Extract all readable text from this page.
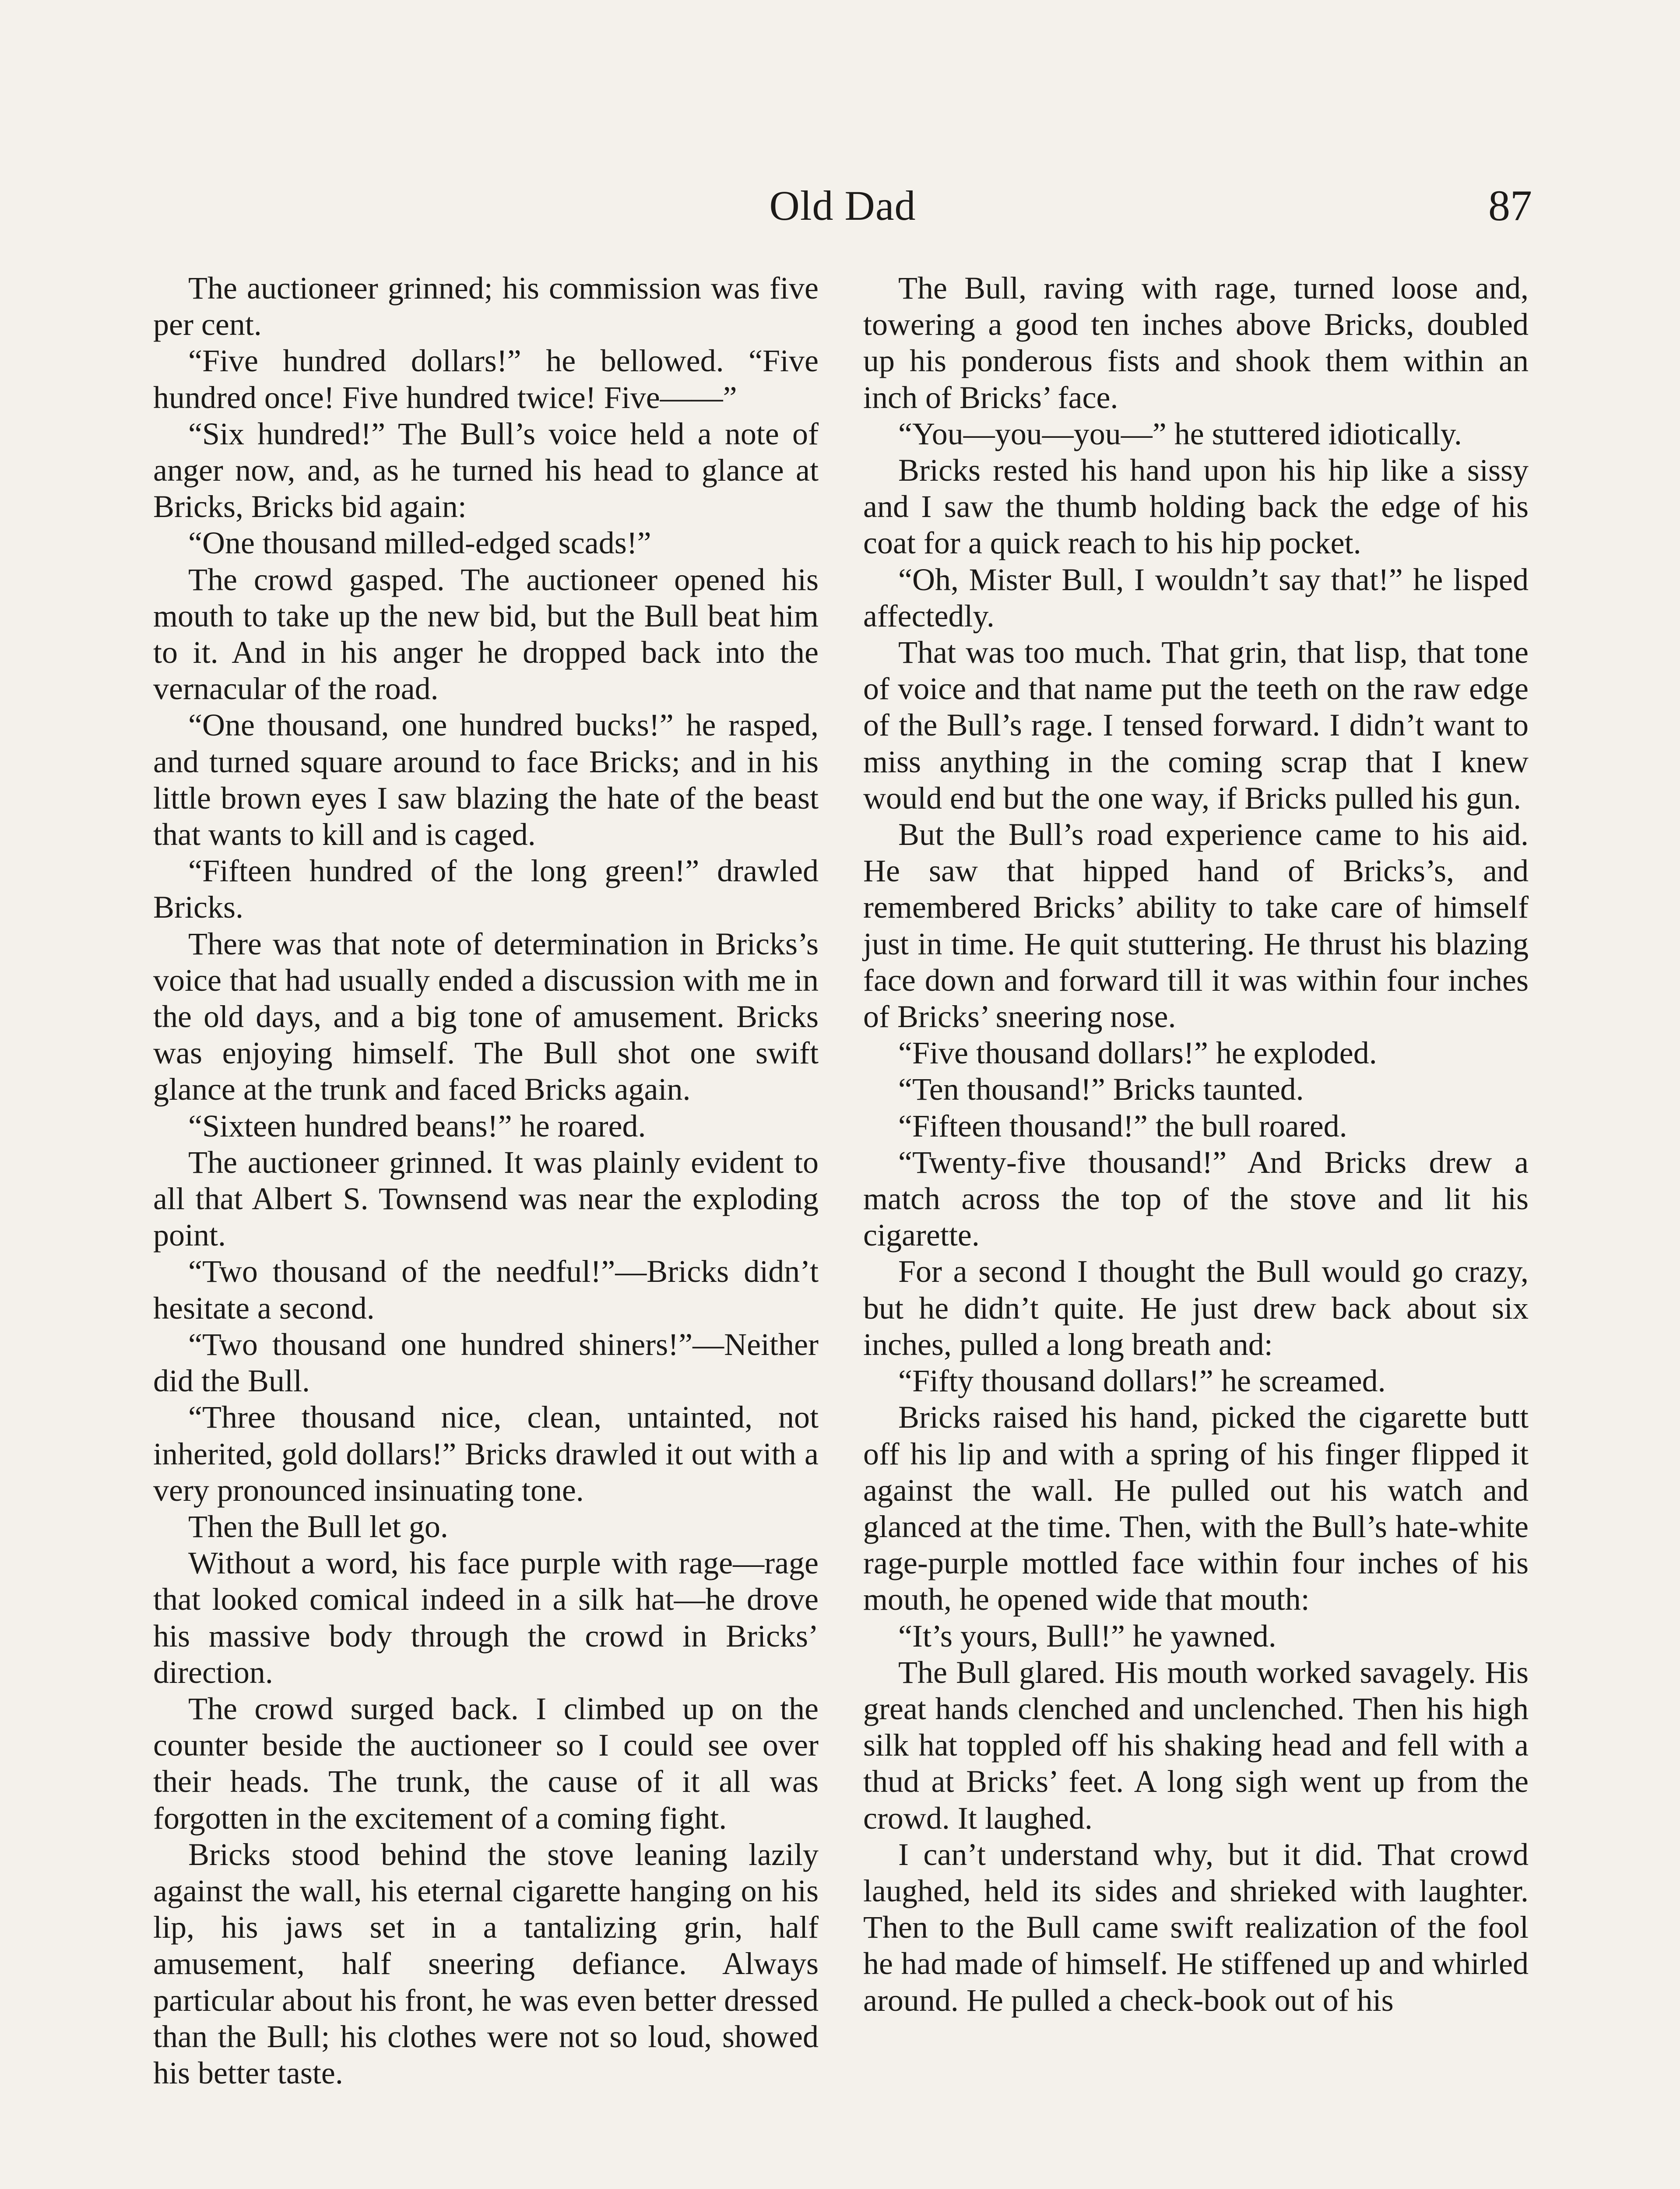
Old Dad	87

The auctioneer grinned; his commission was five per cent.

“Five hundred dollars!” he bellowed. “Five hundred once! Five hundred twice! Five——”

“Six hundred!” The Bull’s voice held a note of anger now, and, as he turned his head to glance at Bricks, Bricks bid again:

“One thousand milled-edged scads!”

The crowd gasped. The auctioneer opened his mouth to take up the new bid, but the Bull beat him to it. And in his anger he dropped back into the vernacular of the road.

“One thousand, one hundred bucks!” he rasped, and turned square around to face Bricks; and in his little brown eyes I saw blazing the hate of the beast that wants to kill and is caged.

“Fifteen hundred of the long green!” drawled Bricks.

There was that note of determination in Bricks’s voice that had usually ended a discussion with me in the old days, and a big tone of amusement. Bricks was enjoying himself. The Bull shot one swift glance at the trunk and faced Bricks again.

“Sixteen hundred beans!” he roared.

The auctioneer grinned. It was plainly evident to all that Albert S. Townsend was near the exploding point.

“Two thousand of the needful!”—Bricks didn’t hesitate a second.

“Two thousand one hundred shiners!”—Neither did the Bull.

“Three thousand nice, clean, untainted, not inherited, gold dollars!” Bricks drawled it out with a very pronounced insinuating tone.

Then the Bull let go.

Without a word, his face purple with rage—rage that looked comical indeed in a silk hat—he drove his massive body through the crowd in Bricks’ direction.

The crowd surged back. I climbed up on the counter beside the auctioneer so I could see over their heads. The trunk, the cause of it all was forgotten in the excitement of a coming fight.

Bricks stood behind the stove leaning lazily against the wall, his eternal cigarette hanging on his lip, his jaws set in a tantalizing grin, half amusement, half sneering defiance. Always particular about his front, he was even better dressed than the Bull; his clothes were not so loud, showed his better taste.

The Bull, raving with rage, turned loose and, towering a good ten inches above Bricks, doubled up his ponderous fists and shook them within an inch of Bricks’ face.

“You—you—you—” he stuttered idiotically.

Bricks rested his hand upon his hip like a sissy and I saw the thumb holding back the edge of his coat for a quick reach to his hip pocket.

“Oh, Mister Bull, I wouldn’t say that!” he lisped affectedly.

That was too much. That grin, that lisp, that tone of voice and that name put the teeth on the raw edge of the Bull’s rage. I tensed forward. I didn’t want to miss anything in the coming scrap that I knew would end but the one way, if Bricks pulled his gun.

But the Bull’s road experience came to his aid. He saw that hipped hand of Bricks’s, and remembered Bricks’ ability to take care of himself just in time. He quit stuttering. He thrust his blazing face down and forward till it was within four inches of Bricks’ sneering nose.

“Five thousand dollars!” he exploded.

“Ten thousand!” Bricks taunted.

“Fifteen thousand!” the bull roared.

“Twenty-five thousand!” And Bricks drew a match across the top of the stove and lit his cigarette.

For a second I thought the Bull would go crazy, but he didn’t quite. He just drew back about six inches, pulled a long breath and:

“Fifty thousand dollars!” he screamed.

Bricks raised his hand, picked the cigarette butt off his lip and with a spring of his finger flipped it against the wall. He pulled out his watch and glanced at the time. Then, with the Bull’s hate-white rage-purple mottled face within four inches of his mouth, he opened wide that mouth:

“It’s yours, Bull!” he yawned.

The Bull glared. His mouth worked savagely. His great hands clenched and unclenched. Then his high silk hat toppled off his shaking head and fell with a thud at Bricks’ feet. A long sigh went up from the crowd. It laughed.

I can’t understand why, but it did. That crowd laughed, held its sides and shrieked with laughter. Then to the Bull came swift realization of the fool he had made of himself. He stiffened up and whirled around. He pulled a check-book out of his
